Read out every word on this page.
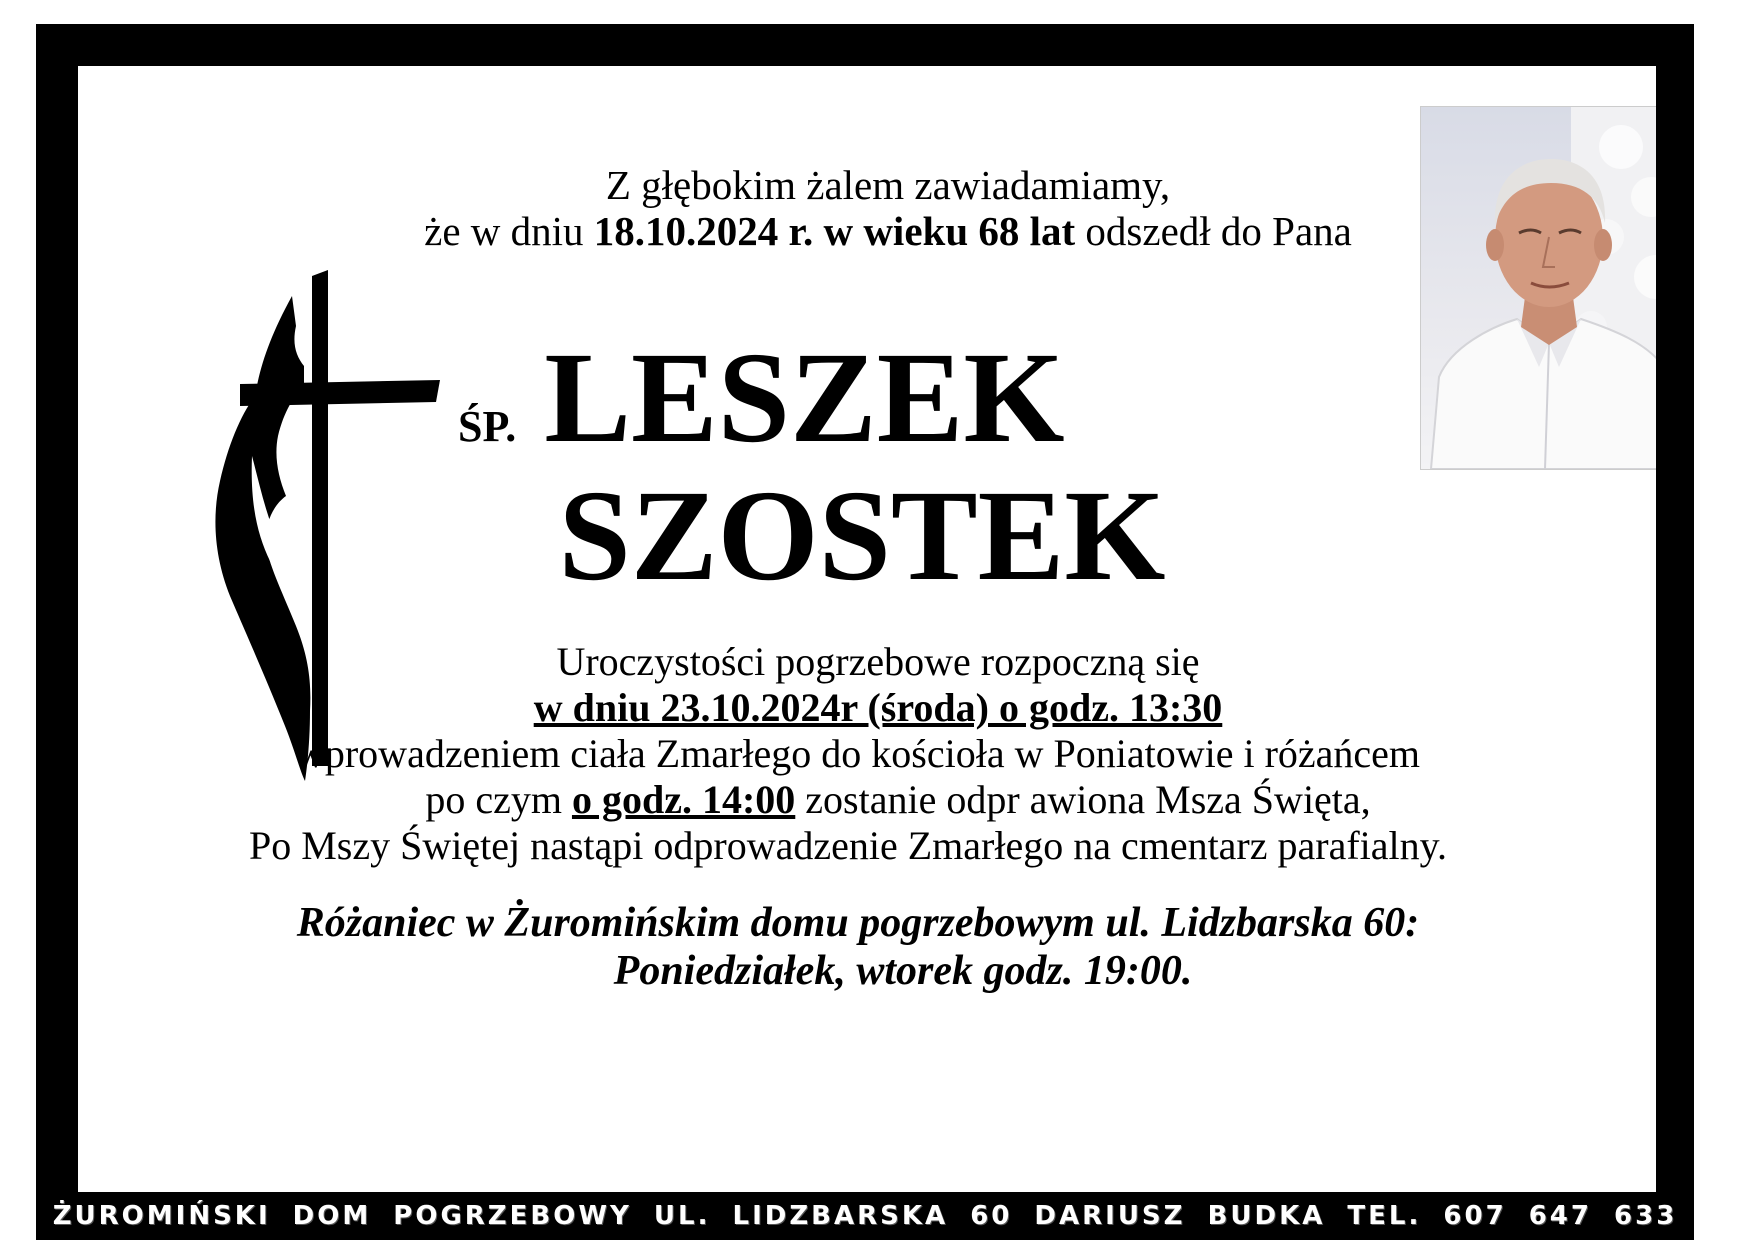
Z głębokim żalem zawiadamiamy,
że w dniu 18.10.2024 r. w wieku 68 lat odszedł do Pana
ŚP. LESZEK
SZOSTEK
Uroczystości pogrzebowe rozpoczną się
w dniu 23.10.2024r (środa) o godz. 13:30
wprowadzeniem ciała Zmarłego do kościoła w Poniatowie i różańcem
po czym o godz. 14:00 zostanie odpr awiona Msza Święta,
Po Mszy Świętej nastąpi odprowadzenie Zmarłego na cmentarz parafialny.
Różaniec w Żuromińskim domu pogrzebowym ul. Lidzbarska 60:
Poniedziałek, wtorek godz. 19:00.
ŻUROMIŃSKI DOM POGRZEBOWY UL. LIDZBARSKA 60 DARIUSZ BUDKA TEL. 607 647 633
